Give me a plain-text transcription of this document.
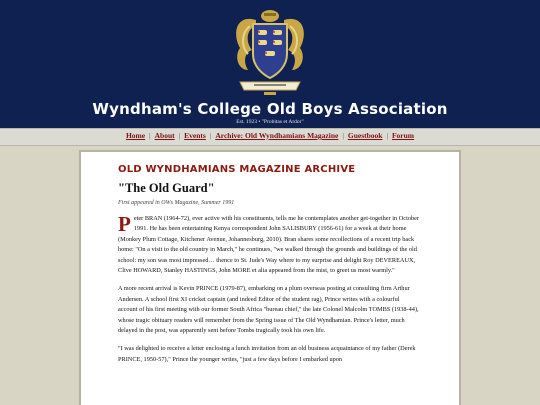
Wyndham's College Old Boys Association
Est. 1923 • "Probitas et Ardor"
Home | About | Events | Archive: Old Wyndhamians Magazine | Guestbook | Forum
OLD WYNDHAMIANS MAGAZINE ARCHIVE
"The Old Guard"

First appeared in OWs Magazine, Summer 1991

Peter BRAN (1964-72), ever active with his constituents, tells me he contemplates another get-together in October 1991. He has been entertaining Kenya correspondent John SALISBURY (1956-61) for a week at their home (Monkey Plum Cottage, Kitchener Avenue, Johannesburg, 2010). Bran shares some recollections of a recent trip back home: "On a visit to the old country in March," he continues, "we walked through the grounds and buildings of the old school: my son was most impressed… thence to St. Jude's Way where to my surprise and delight Roy DEVEREAUX, Clive HOWARD, Stanley HASTINGS, John MORE et alia appeared from the mist, to greet us most warmly."

A more recent arrival is Kevin PRINCE (1979-87), embarking on a plum overseas posting at consulting firm Arthur Andersen. A school first XI cricket captain (and indeed Editor of the student rag), Prince writes with a colourful account of his first meeting with our former South Africa "bureau chief," the late Colonel Malcolm TOMBS (1938-44), whose tragic obituary readers will remember from the Spring issue of The Old Wyndhamian. Prince's letter, much delayed in the post, was apparently sent before Tombs tragically took his own life.

"I was delighted to receive a letter enclosing a lunch invitation from an old business acquaintance of my father (Derek PRINCE, 1950-57)," Prince the younger writes, "just a few days before I embarked upon
